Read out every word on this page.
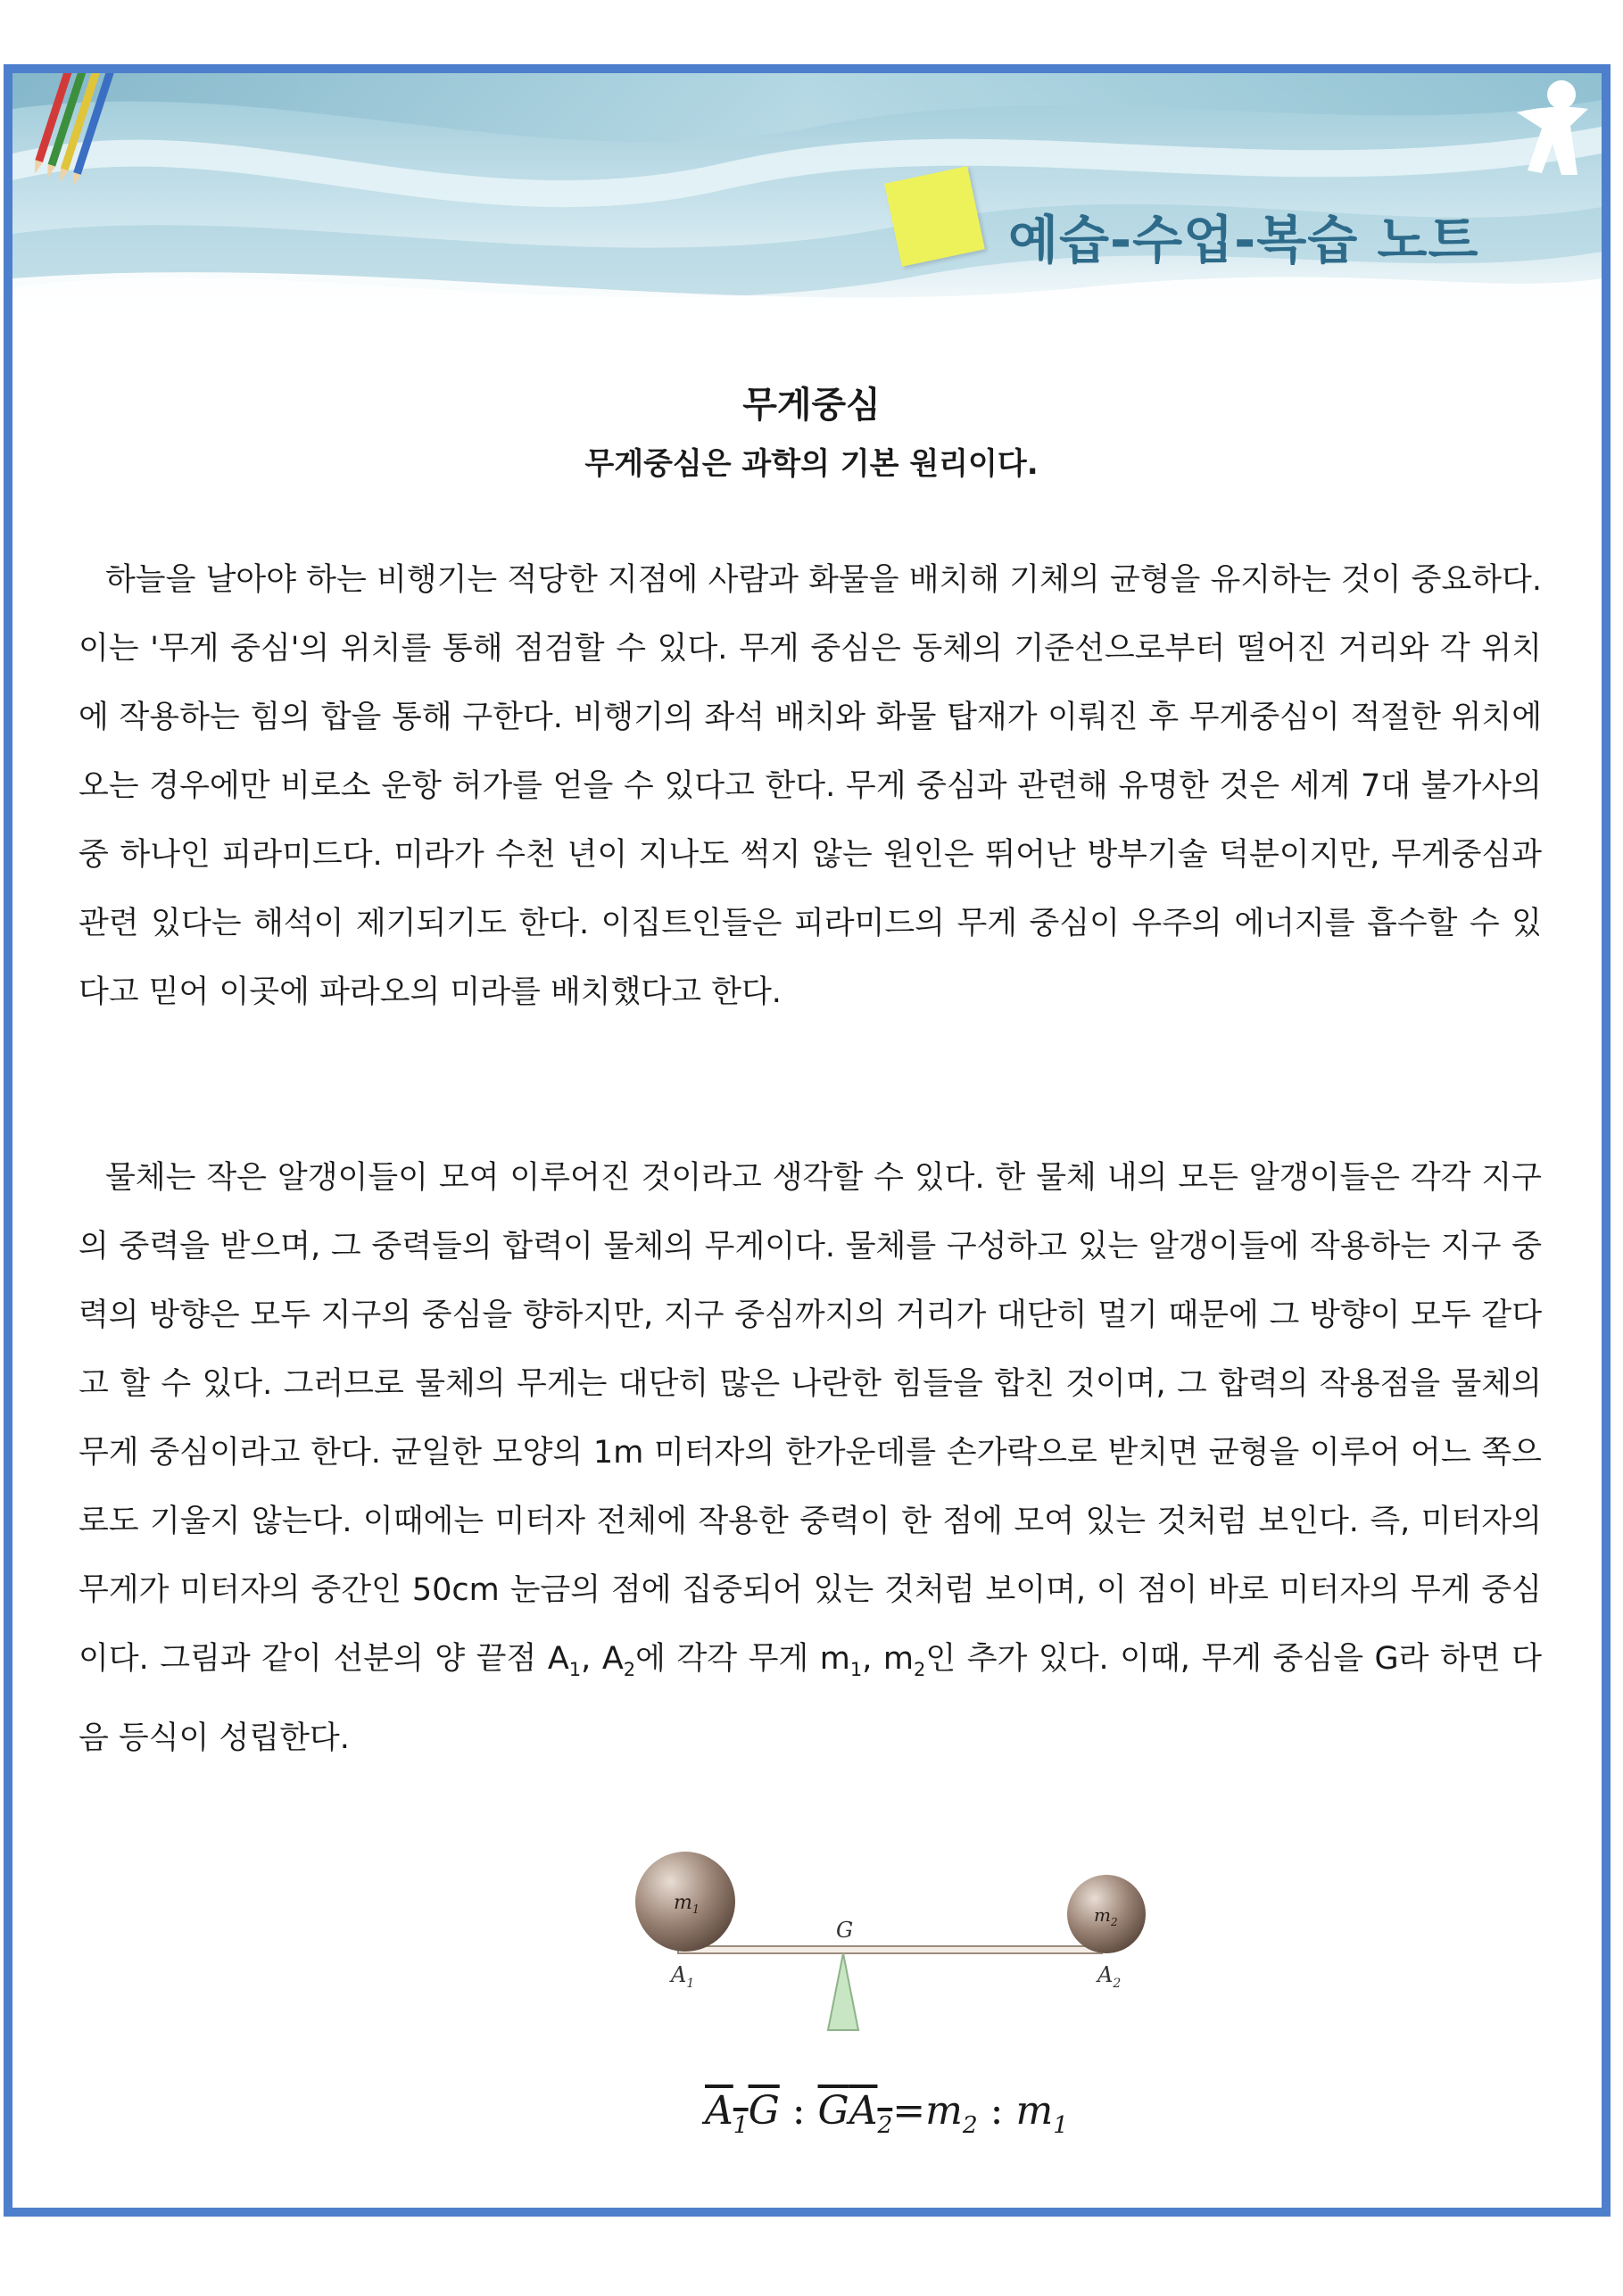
예습-수업-복습 노트
무게중심
무게중심은 과학의 기본 원리이다.
하늘을 날아야 하는 비행기는 적당한 지점에 사람과 화물을 배치해 기체의 균형을 유지하는 것이 중요하다. 이는 '무게 중심'의 위치를 통해 점검할 수 있다. 무게 중심은 동체의 기준선으로부터 떨어진 거리와 각 위치에 작용하는 힘의 합을 통해 구한다. 비행기의 좌석 배치와 화물 탑재가 이뤄진 후 무게중심이 적절한 위치에 오는 경우에만 비로소 운항 허가를 얻을 수 있다고 한다. 무게 중심과 관련해 유명한 것은 세계 7대 불가사의 중 하나인 피라미드다. 미라가 수천 년이 지나도 썩지 않는 원인은 뛰어난 방부기술 덕분이지만, 무게중심과 관련 있다는 해석이 제기되기도 한다. 이집트인들은 피라미드의 무게 중심이 우주의 에너지를 흡수할 수 있다고 믿어 이곳에 파라오의 미라를 배치했다고 한다.
물체는 작은 알갱이들이 모여 이루어진 것이라고 생각할 수 있다. 한 물체 내의 모든 알갱이들은 각각 지구의 중력을 받으며, 그 중력들의 합력이 물체의 무게이다. 물체를 구성하고 있는 알갱이들에 작용하는 지구 중력의 방향은 모두 지구의 중심을 향하지만, 지구 중심까지의 거리가 대단히 멀기 때문에 그 방향이 모두 같다고 할 수 있다. 그러므로 물체의 무게는 대단히 많은 나란한 힘들을 합친 것이며, 그 합력의 작용점을 물체의 무게 중심이라고 한다. 균일한 모양의 1m 미터자의 한가운데를 손가락으로 받치면 균형을 이루어 어느 쪽으로도 기울지 않는다. 이때에는 미터자 전체에 작용한 중력이 한 점에 모여 있는 것처럼 보인다. 즉, 미터자의 무게가 미터자의 중간인 50cm 눈금의 점에 집중되어 있는 것처럼 보이며, 이 점이 바로 미터자의 무게 중심이다. 그림과 같이 선분의 양 끝점 $A_1$, $A_2$에 각각 무게 $m_1$, $m_2$인 추가 있다. 이때, 무게 중심을 G라 하면 다음 등식이 성립한다.
$m_1$	$m_2$
G
$A_1$	$A_2$
$A_1G$ : $GA_2=m_2$ : $m_1$
